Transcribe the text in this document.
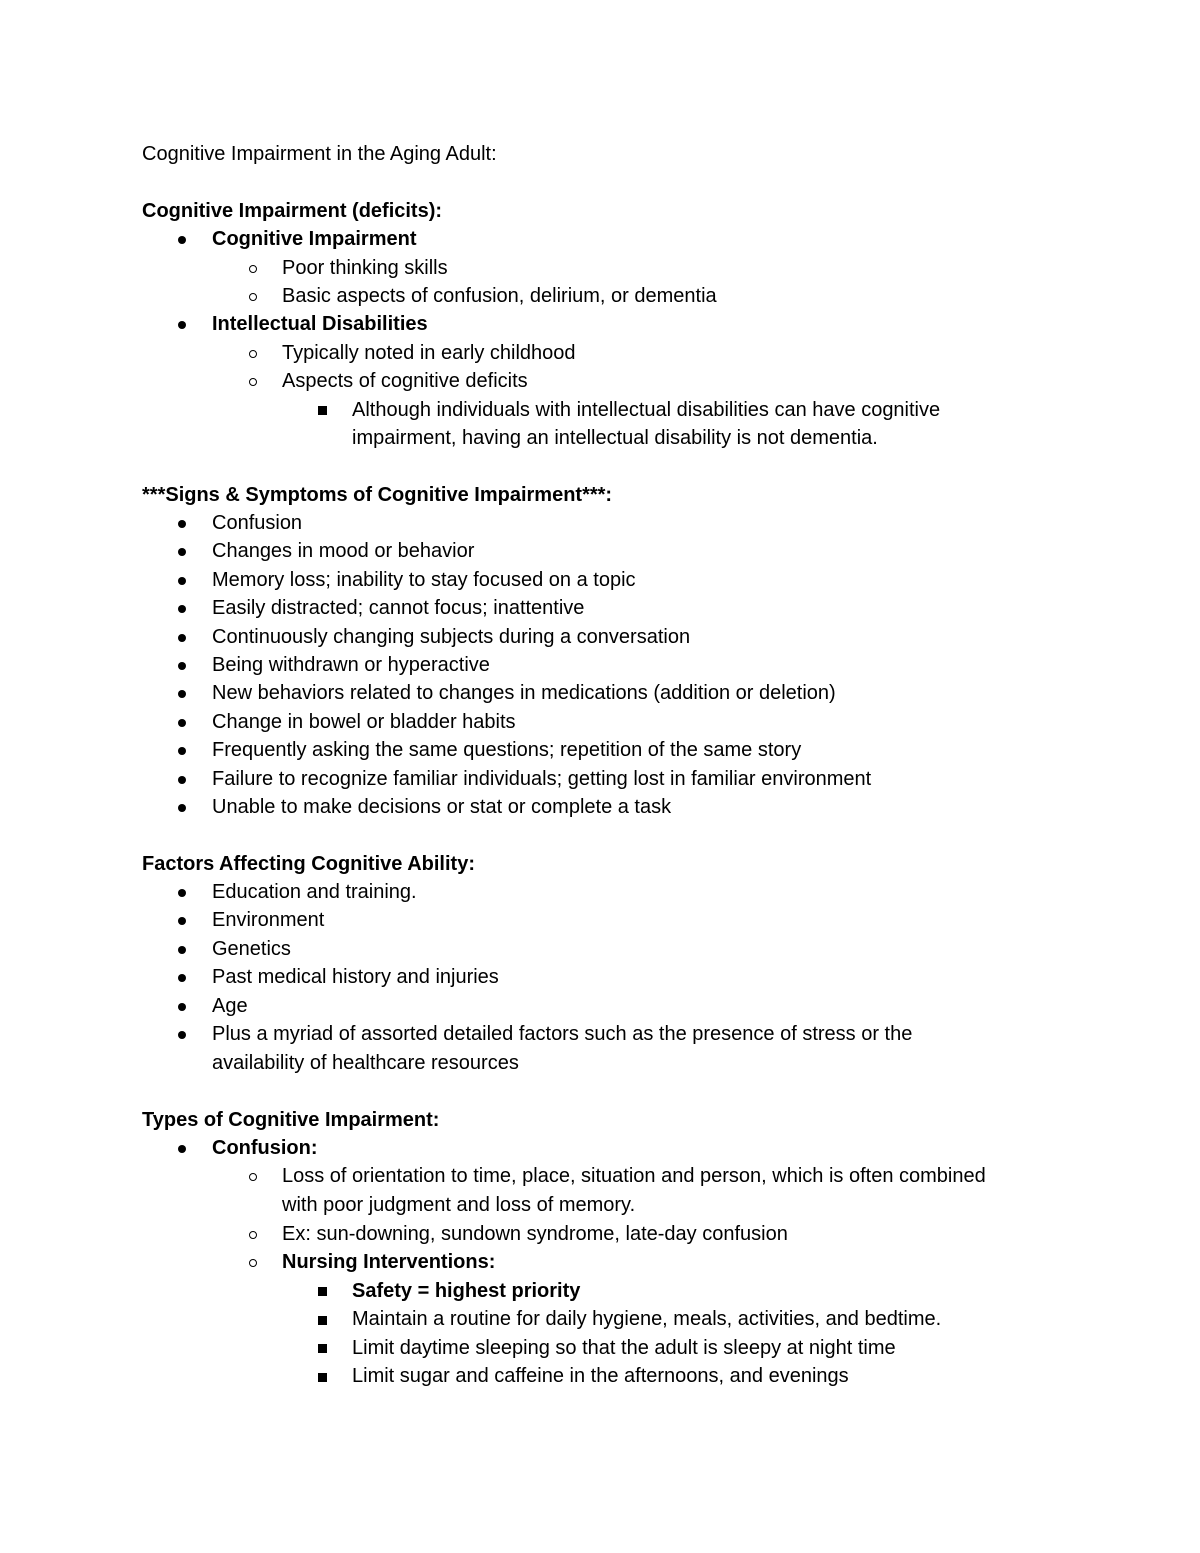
Cognitive Impairment in the Aging Adult:

Cognitive Impairment (deficits):

Cognitive Impairment

Poor thinking skills

Basic aspects of confusion, delirium, or dementia

Intellectual Disabilities

Typically noted in early childhood

Aspects of cognitive deficits

Although individuals with intellectual disabilities can have cognitive

impairment, having an intellectual disability is not dementia.

***Signs & Symptoms of Cognitive Impairment***:

Confusion

Changes in mood or behavior

Memory loss; inability to stay focused on a topic

Easily distracted; cannot focus; inattentive

Continuously changing subjects during a conversation

Being withdrawn or hyperactive

New behaviors related to changes in medications (addition or deletion)

Change in bowel or bladder habits

Frequently asking the same questions; repetition of the same story

Failure to recognize familiar individuals; getting lost in familiar environment

Unable to make decisions or stat or complete a task

Factors Affecting Cognitive Ability:

Education and training.

Environment

Genetics

Past medical history and injuries

Age

Plus a myriad of assorted detailed factors such as the presence of stress or the

availability of healthcare resources

Types of Cognitive Impairment:

Confusion:

Loss of orientation to time, place, situation and person, which is often combined

with poor judgment and loss of memory.

Ex: sun-downing, sundown syndrome, late-day confusion

Nursing Interventions:

Safety = highest priority

Maintain a routine for daily hygiene, meals, activities, and bedtime.

Limit daytime sleeping so that the adult is sleepy at night time

Limit sugar and caffeine in the afternoons, and evenings
